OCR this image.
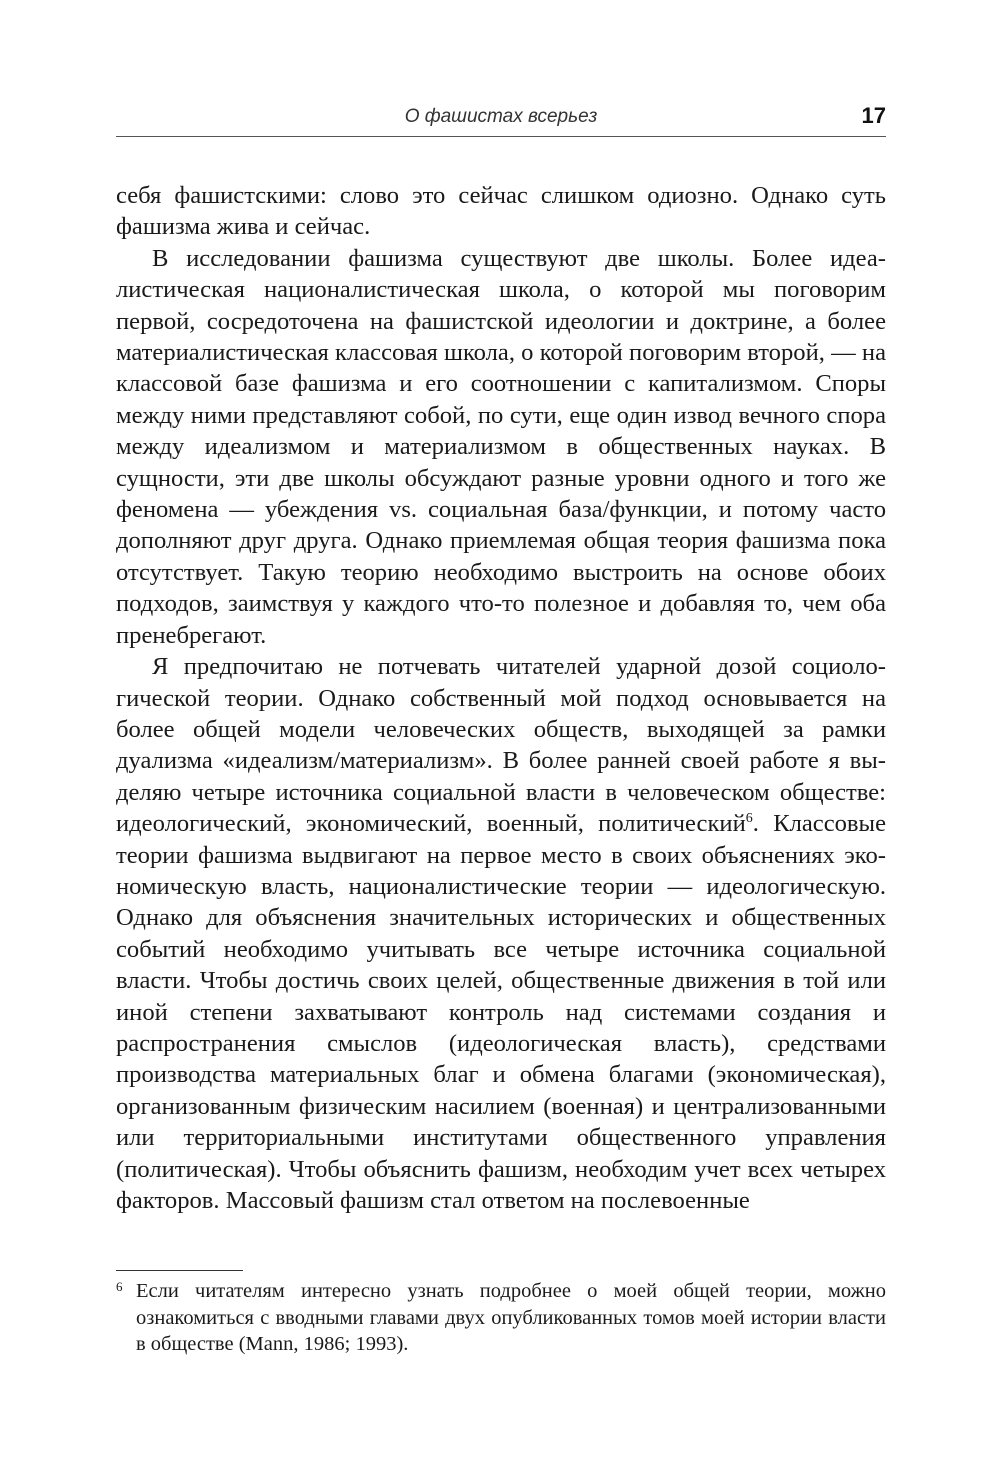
О фашистах всерьез	17

себя фашистскими: слово это сейчас слишком одиозно. Однако суть фашизма жива и сейчас.

В исследовании фашизма существуют две школы. Более идеалистическая националистическая школа, о которой мы поговорим первой, сосредоточена на фашистской идеологии и доктрине, а более материалистическая классовая школа, о которой поговорим второй, — на классовой базе фашизма и его соотношении с капитализмом. Споры между ними представляют собой, по сути, еще один извод вечного спора между идеализмом и материализмом в общественных науках. В сущности, эти две школы обсуждают разные уровни одного и того же феномена — убеждения vs. социальная база/функции, и потому часто дополняют друг друга. Однако приемлемая общая теория фашизма пока отсутствует. Такую теорию необходимо выстроить на основе обоих подходов, заимствуя у каждого что-то полезное и добавляя то, чем оба пренебрегают.

Я предпочитаю не потчевать читателей ударной дозой социологической теории. Однако собственный мой подход основывается на более общей модели человеческих обществ, выходящей за рамки дуализма «идеализм/материализм». В более ранней своей работе я выделяю четыре источника социальной власти в человеческом обществе: идеологический, экономический, военный, политический$^6$. Классовые теории фашизма выдвигают на первое место в своих объяснениях экономическую власть, националистические теории — идеологическую. Однако для объяснения значительных исторических и общественных событий необходимо учитывать все четыре источника социальной власти. Чтобы достичь своих целей, общественные движения в той или иной степени захватывают контроль над системами создания и распространения смыслов (идеологическая власть), средствами производства материальных благ и обмена благами (экономическая), организованным физическим насилием (военная) и централизованными или территориальными институтами общественного управления (политическая). Чтобы объяснить фашизм, необходим учет всех четырех факторов. Массовый фашизм стал ответом на послевоенные

6 Если читателям интересно узнать подробнее о моей общей теории, можно ознакомиться с вводными главами двух опубликованных томов моей истории власти в обществе (Mann, 1986; 1993).
